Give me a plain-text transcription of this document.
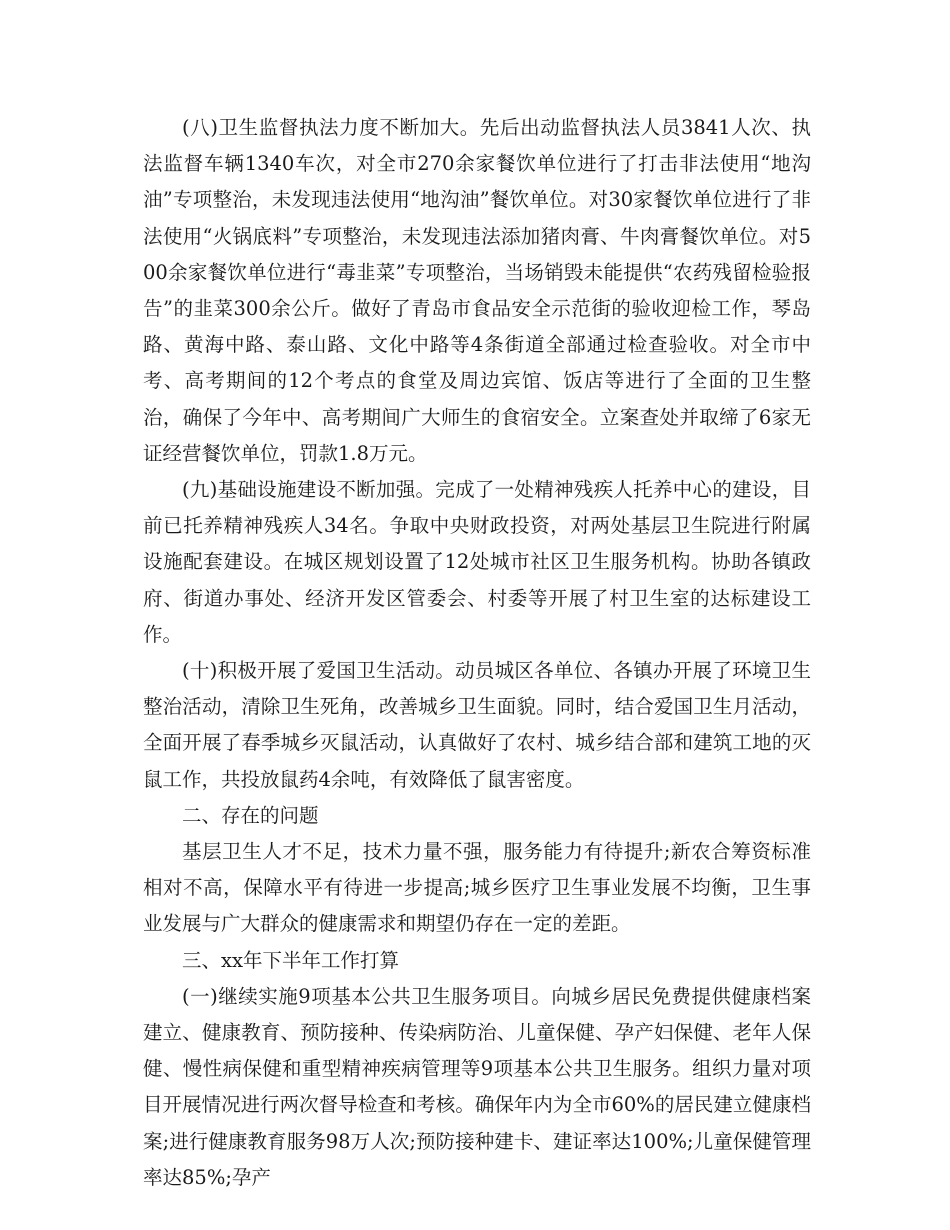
(八)卫生监督执法力度不断加大。先后出动监督执法人员3841人次、执法监督车辆1340车次，对全市270余家餐饮单位进行了打击非法使用“地沟油”专项整治，未发现违法使用“地沟油”餐饮单位。对30家餐饮单位进行了非法使用“火锅底料”专项整治，未发现违法添加猪肉膏、牛肉膏餐饮单位。对500余家餐饮单位进行“毒韭菜”专项整治，当场销毁未能提供“农药残留检验报告”的韭菜300余公斤。做好了青岛市食品安全示范街的验收迎检工作，琴岛路、黄海中路、泰山路、文化中路等4条街道全部通过检查验收。对全市中考、高考期间的12个考点的食堂及周边宾馆、饭店等进行了全面的卫生整治，确保了今年中、高考期间广大师生的食宿安全。立案查处并取缔了6家无证经营餐饮单位，罚款1.8万元。

(九)基础设施建设不断加强。完成了一处精神残疾人托养中心的建设，目前已托养精神残疾人34名。争取中央财政投资，对两处基层卫生院进行附属设施配套建设。在城区规划设置了12处城市社区卫生服务机构。协助各镇政府、街道办事处、经济开发区管委会、村委等开展了村卫生室的达标建设工作。

(十)积极开展了爱国卫生活动。动员城区各单位、各镇办开展了环境卫生整治活动，清除卫生死角，改善城乡卫生面貌。同时，结合爱国卫生月活动，全面开展了春季城乡灭鼠活动，认真做好了农村、城乡结合部和建筑工地的灭鼠工作，共投放鼠药4余吨，有效降低了鼠害密度。

二、存在的问题

基层卫生人才不足，技术力量不强，服务能力有待提升;新农合筹资标准相对不高，保障水平有待进一步提高;城乡医疗卫生事业发展不均衡，卫生事业发展与广大群众的健康需求和期望仍存在一定的差距。

三、xx年下半年工作打算

(一)继续实施9项基本公共卫生服务项目。向城乡居民免费提供健康档案建立、健康教育、预防接种、传染病防治、儿童保健、孕产妇保健、老年人保健、慢性病保健和重型精神疾病管理等9项基本公共卫生服务。组织力量对项目开展情况进行两次督导检查和考核。确保年内为全市60%的居民建立健康档案;进行健康教育服务98万人次;预防接种建卡、建证率达100%;儿童保健管理率达85%;孕产
